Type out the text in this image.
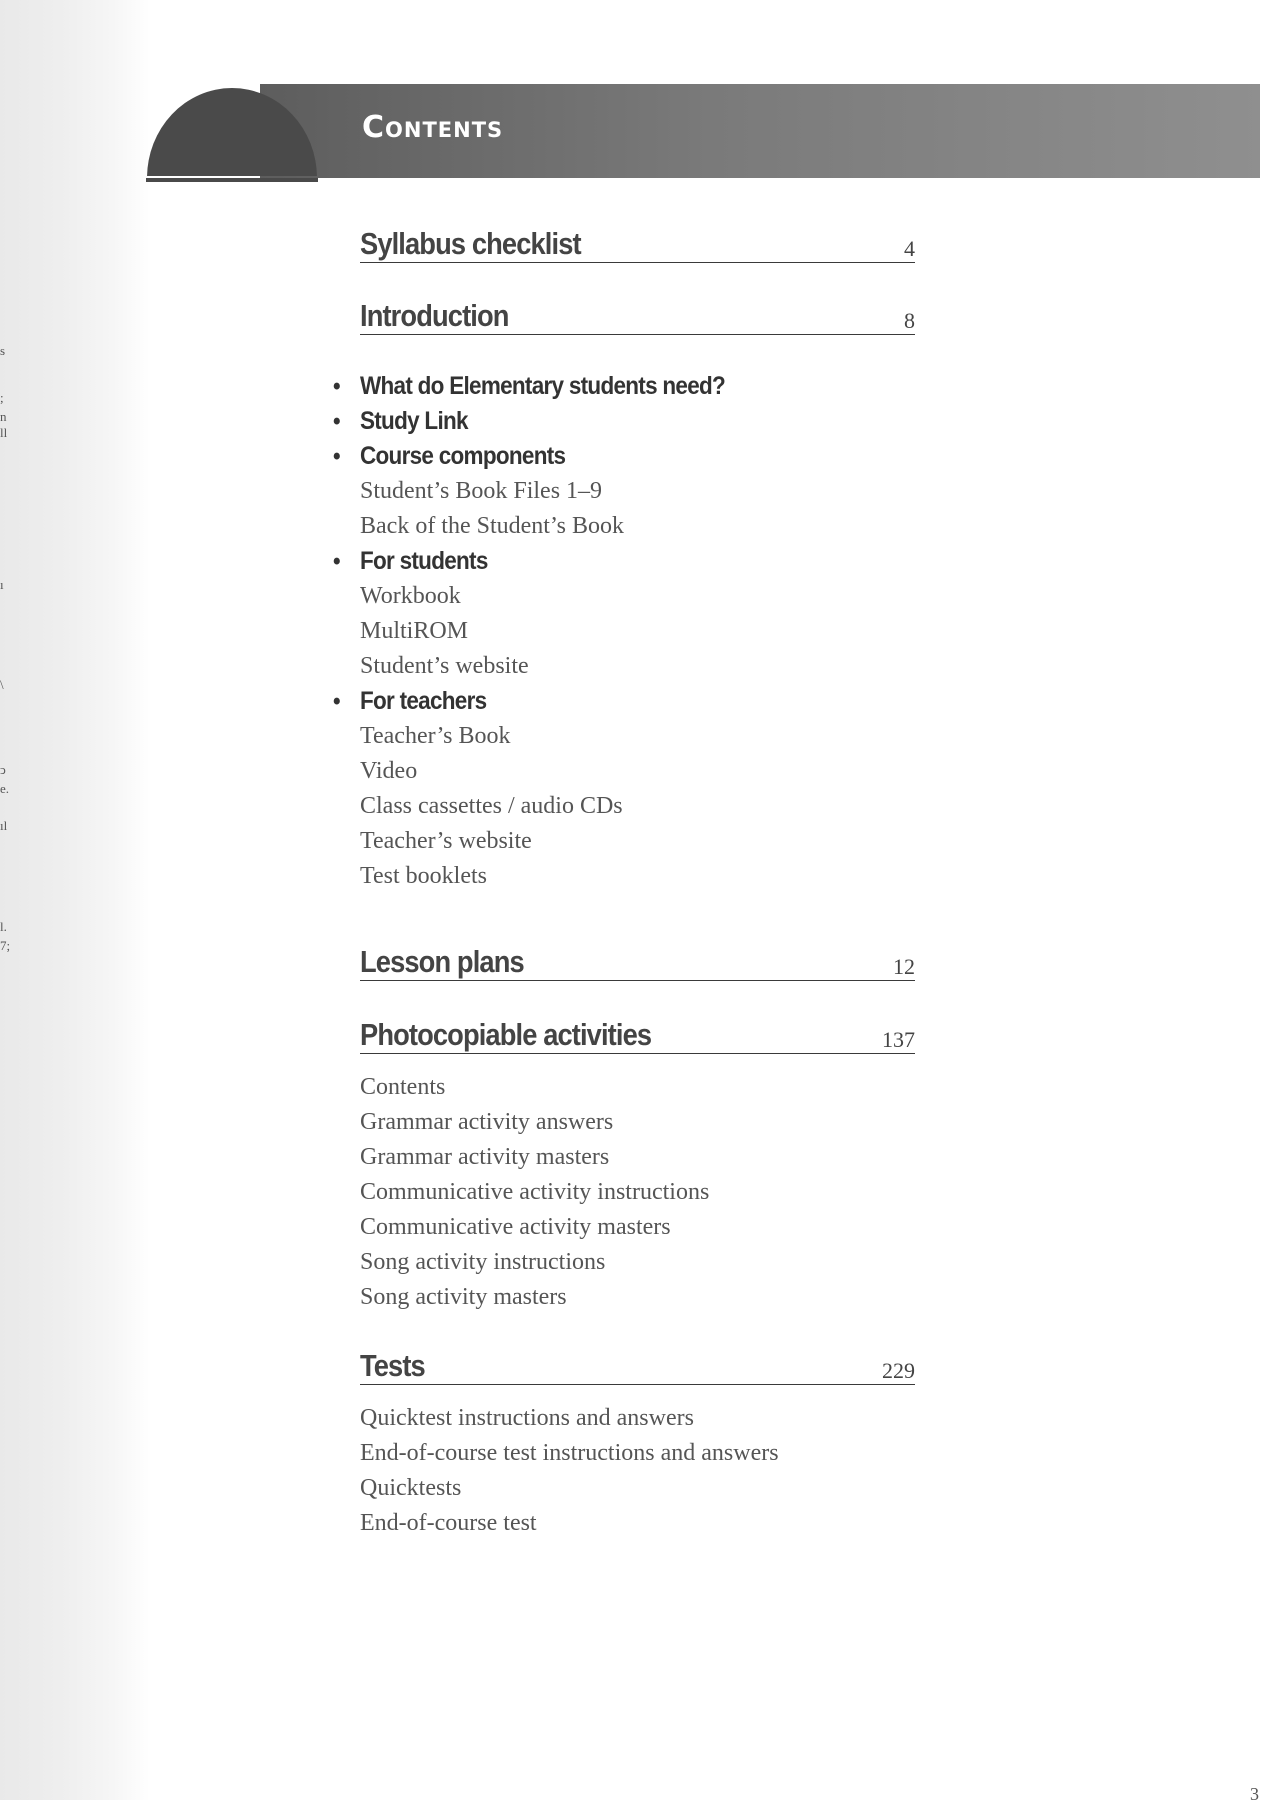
s
;
n
ll
ı
\
ↄ
e.
ıl
l.
7;
Contents
Syllabus checklist	4
Introduction	8
• What do Elementary students need?
• Study Link
• Course components
Student’s Book Files 1–9
Back of the Student’s Book
• For students
Workbook
MultiROM
Student’s website
• For teachers
Teacher’s Book
Video
Class cassettes / audio CDs
Teacher’s website
Test booklets
Lesson plans	12
Photocopiable activities	137
Contents
Grammar activity answers
Grammar activity masters
Communicative activity instructions
Communicative activity masters
Song activity instructions
Song activity masters
Tests	229
Quicktest instructions and answers
End-of-course test instructions and answers
Quicktests
End-of-course test
3
